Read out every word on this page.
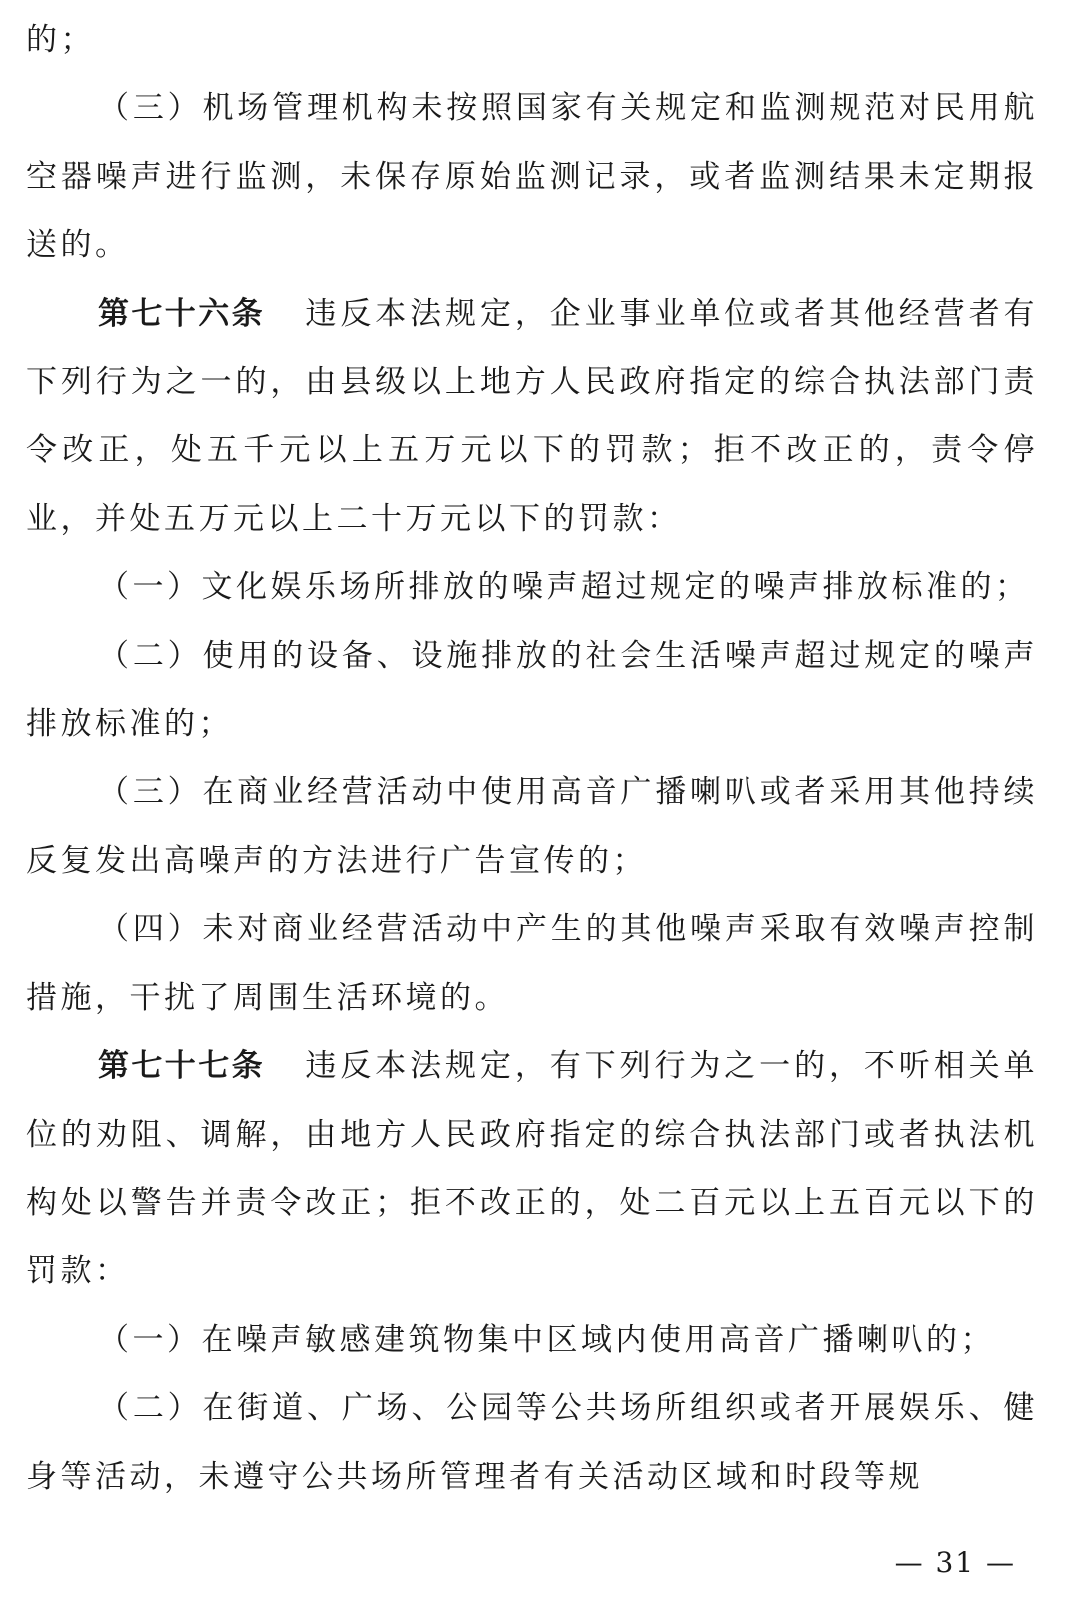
的；

（三）机场管理机构未按照国家有关规定和监测规范对民用航空器噪声进行监测，未保存原始监测记录，或者监测结果未定期报送的。

第七十六条 违反本法规定，企业事业单位或者其他经营者有下列行为之一的，由县级以上地方人民政府指定的综合执法部门责令改正，处五千元以上五万元以下的罚款；拒不改正的，责令停业，并处五万元以上二十万元以下的罚款：

（一）文化娱乐场所排放的噪声超过规定的噪声排放标准的；

（二）使用的设备、设施排放的社会生活噪声超过规定的噪声排放标准的；

（三）在商业经营活动中使用高音广播喇叭或者采用其他持续反复发出高噪声的方法进行广告宣传的；

（四）未对商业经营活动中产生的其他噪声采取有效噪声控制措施，干扰了周围生活环境的。

第七十七条 违反本法规定，有下列行为之一的，不听相关单位的劝阻、调解，由地方人民政府指定的综合执法部门或者执法机构处以警告并责令改正；拒不改正的，处二百元以上五百元以下的罚款：

（一）在噪声敏感建筑物集中区域内使用高音广播喇叭的；

（二）在街道、广场、公园等公共场所组织或者开展娱乐、健身等活动，未遵守公共场所管理者有关活动区域和时段等规

— 31 —
